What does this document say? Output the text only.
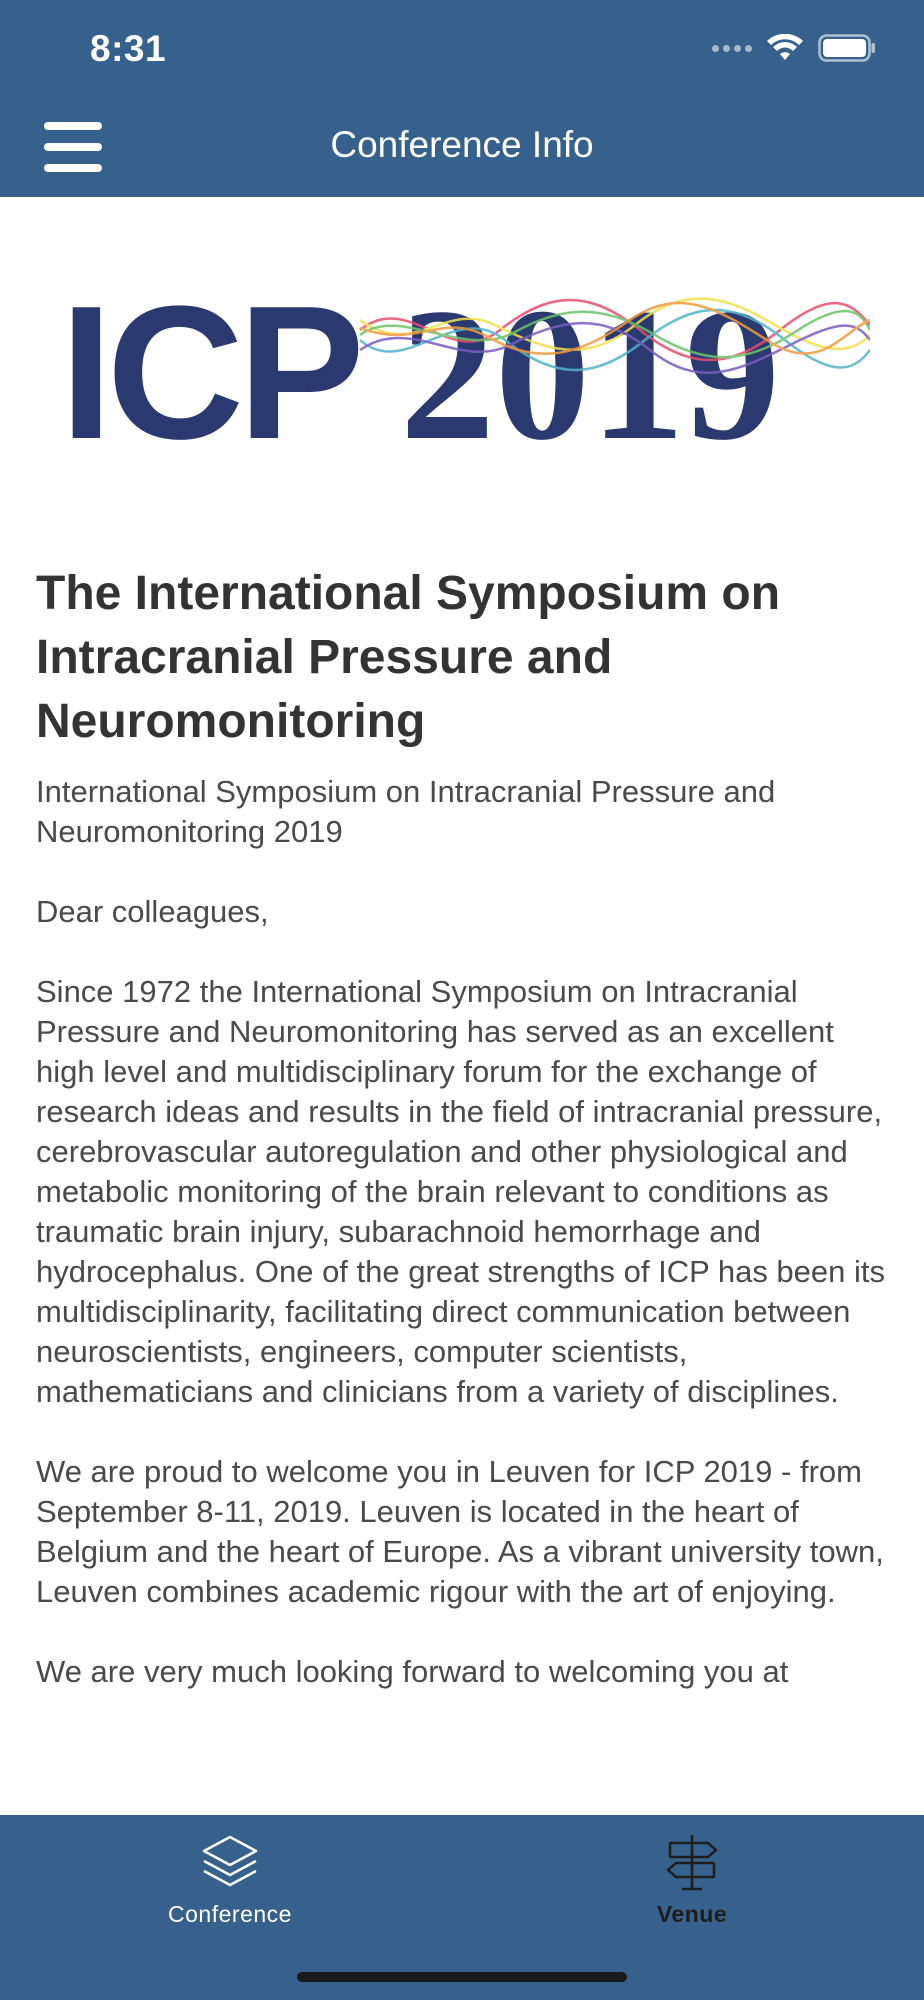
8:31
Conference Info
ICP 2019
The International Symposium on Intracranial Pressure and Neuromonitoring

International Symposium on Intracranial Pressure and Neuromonitoring 2019

Dear colleagues,

Since 1972 the International Symposium on Intracranial Pressure and Neuromonitoring has served as an excellent high level and multidisciplinary forum for the exchange of research ideas and results in the field of intracranial pressure, cerebrovascular autoregulation and other physiological and metabolic monitoring of the brain relevant to conditions as traumatic brain injury, subarachnoid hemorrhage and hydrocephalus. One of the great strengths of ICP has been its multidisciplinarity, facilitating direct communication between neuroscientists, engineers, computer scientists, mathematicians and clinicians from a variety of disciplines.

We are proud to welcome you in Leuven for ICP 2019 - from September 8-11, 2019. Leuven is located in the heart of Belgium and the heart of Europe. As a vibrant university town, Leuven combines academic rigour with the art of enjoying.

We are very much looking forward to welcoming you at

Conference	Venue
